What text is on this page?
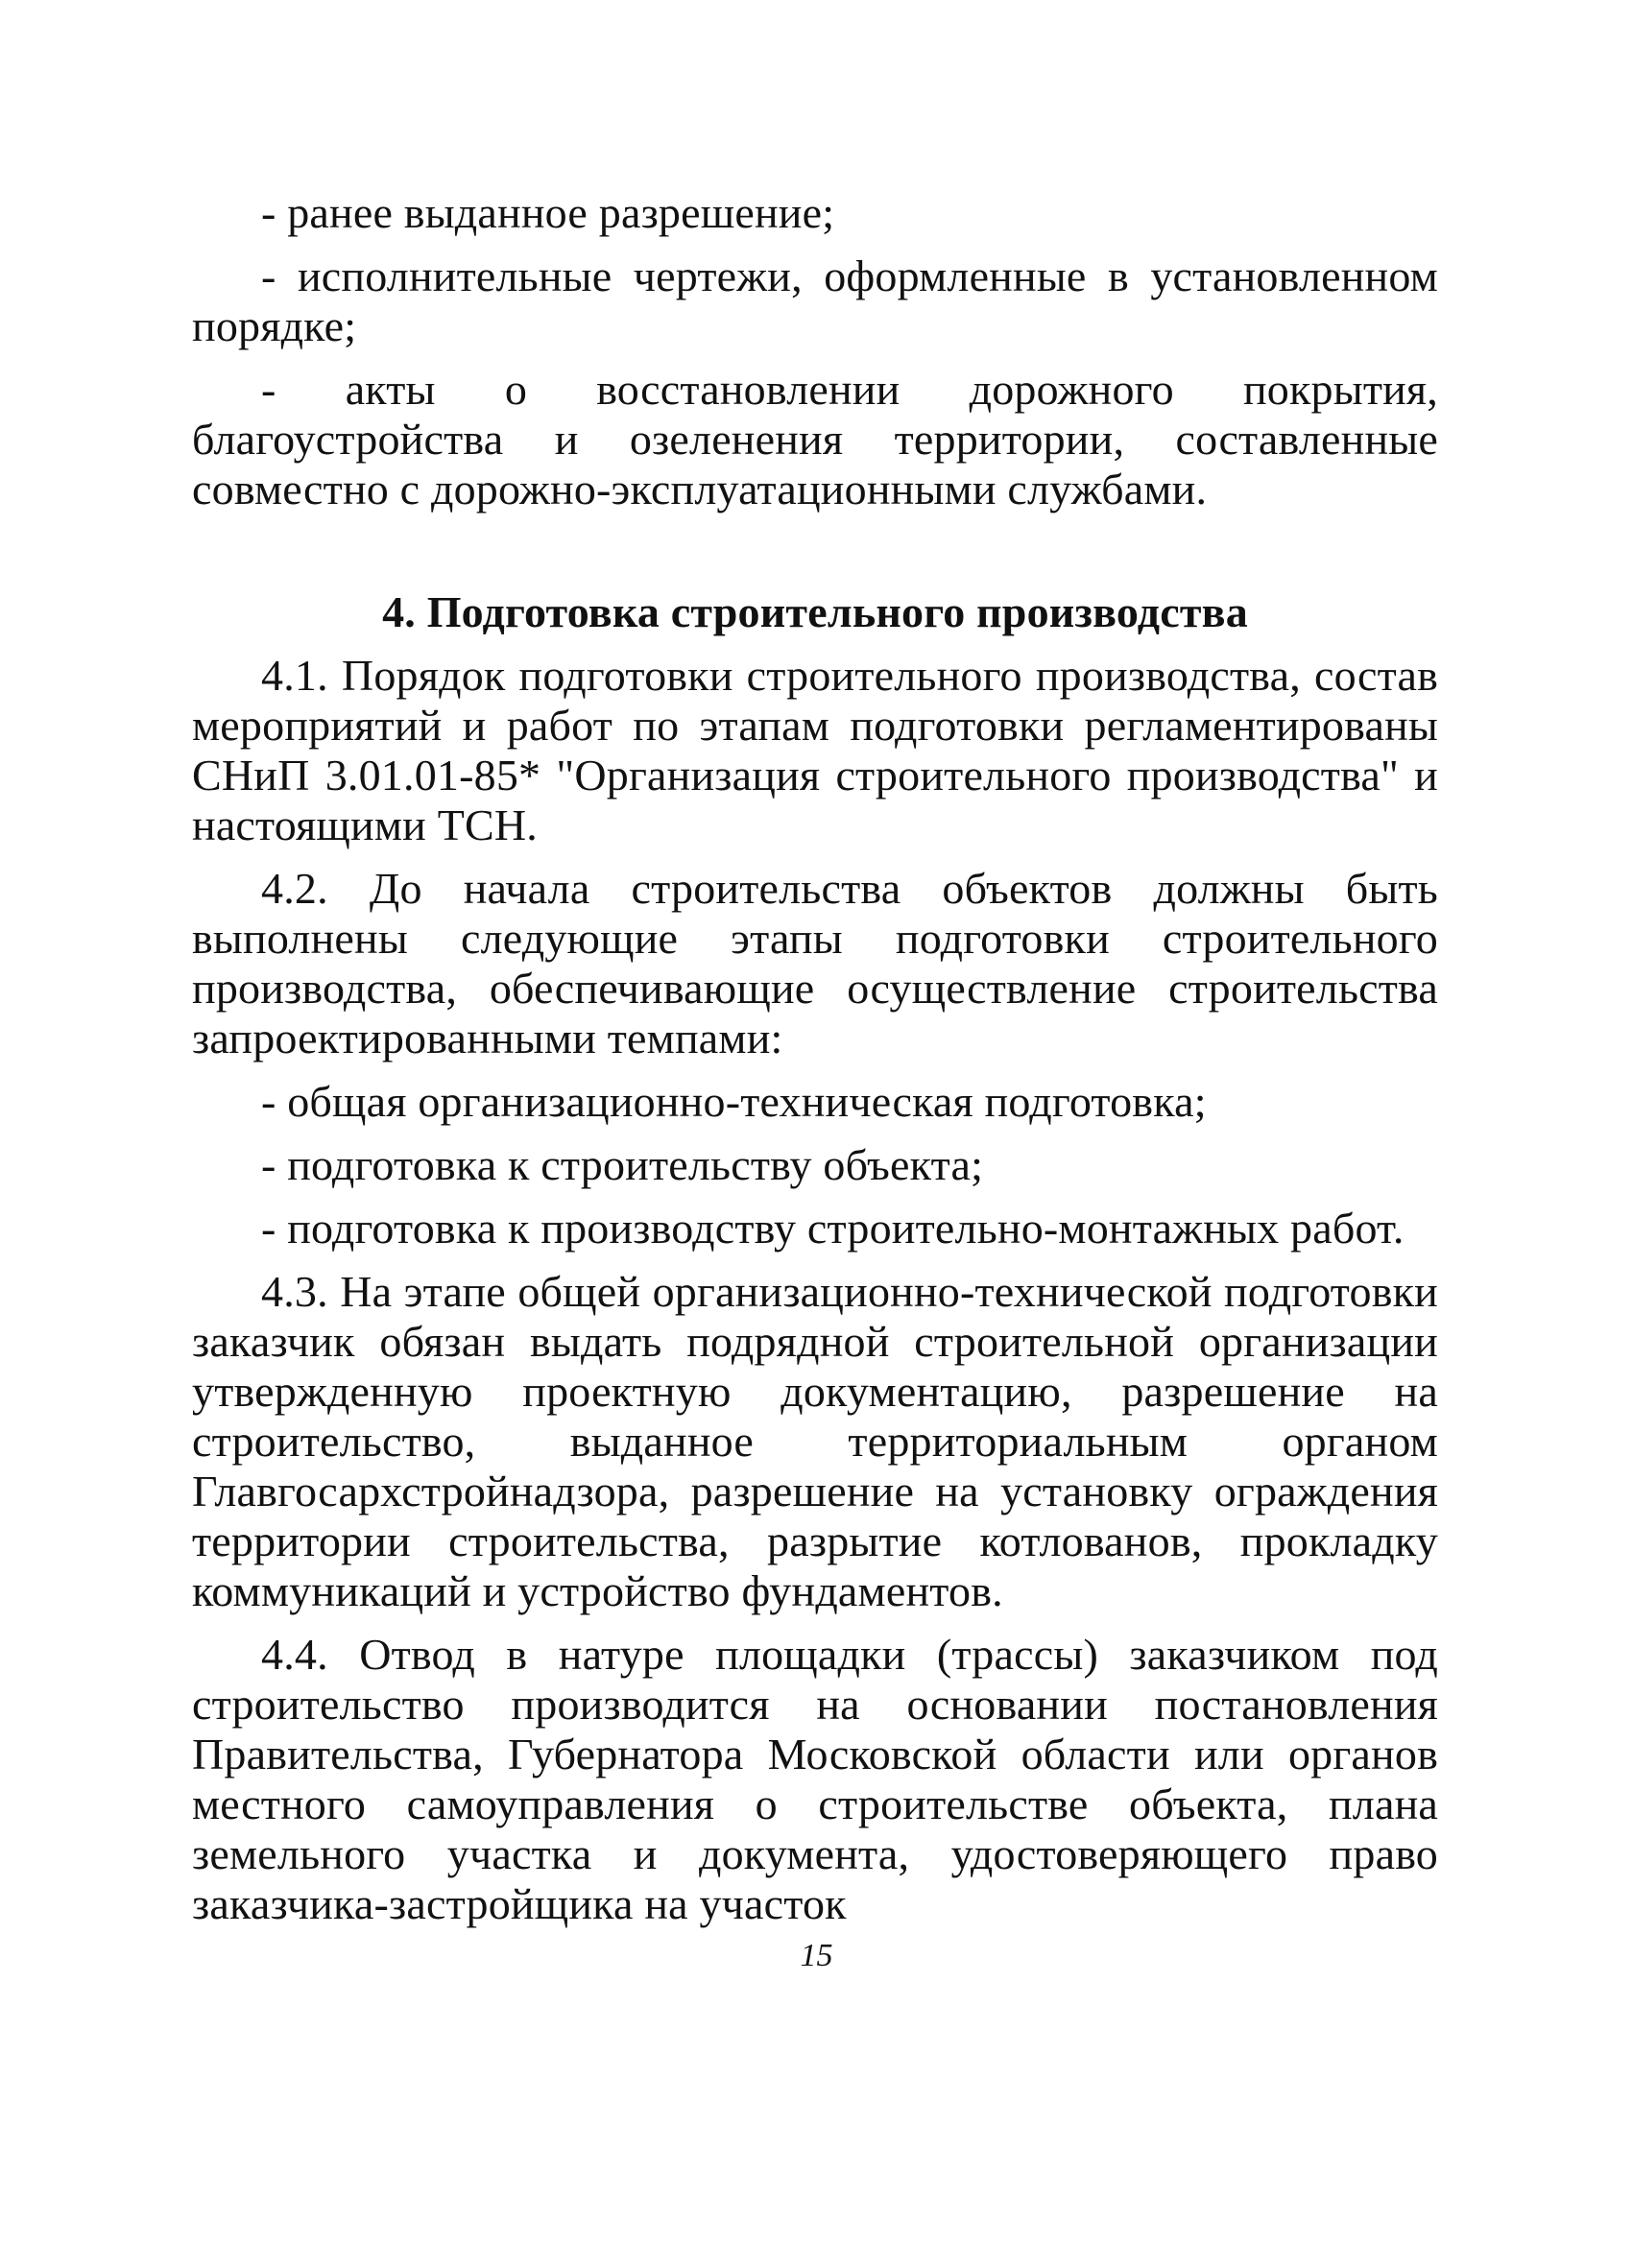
- ранее выданное разрешение;

- исполнительные чертежи, оформленные в установленном порядке;

- акты о восстановлении дорожного покрытия, благоустройства и озеленения территории, составленные совместно с дорожно-эксплуатационными службами.

4. Подготовка строительного производства

4.1. Порядок подготовки строительного производства, состав мероприятий и работ по этапам подготовки регламентированы СНиП 3.01.01-85* "Организация строительного производства" и настоящими ТСН.

4.2. До начала строительства объектов должны быть выполнены следующие этапы подготовки строительного производства, обеспечивающие осуществление строительства запроектированными темпами:

- общая организационно-техническая подготовка;

- подготовка к строительству объекта;

- подготовка к производству строительно-монтажных работ.

4.3. На этапе общей организационно-технической подготовки заказчик обязан выдать подрядной строительной организации утвержденную проектную документацию, разрешение на строительство, выданное территориальным органом Главгосархстройнадзора, разрешение на установку ограждения территории строительства, разрытие котлованов, прокладку коммуникаций и устройство фундаментов.

4.4. Отвод в натуре площадки (трассы) заказчиком под строительство производится на основании постановления Правительства, Губернатора Московской области или органов местного самоуправления о строительстве объекта, плана земельного участка и документа, удостоверяющего право заказчика-застройщика на участок

15
